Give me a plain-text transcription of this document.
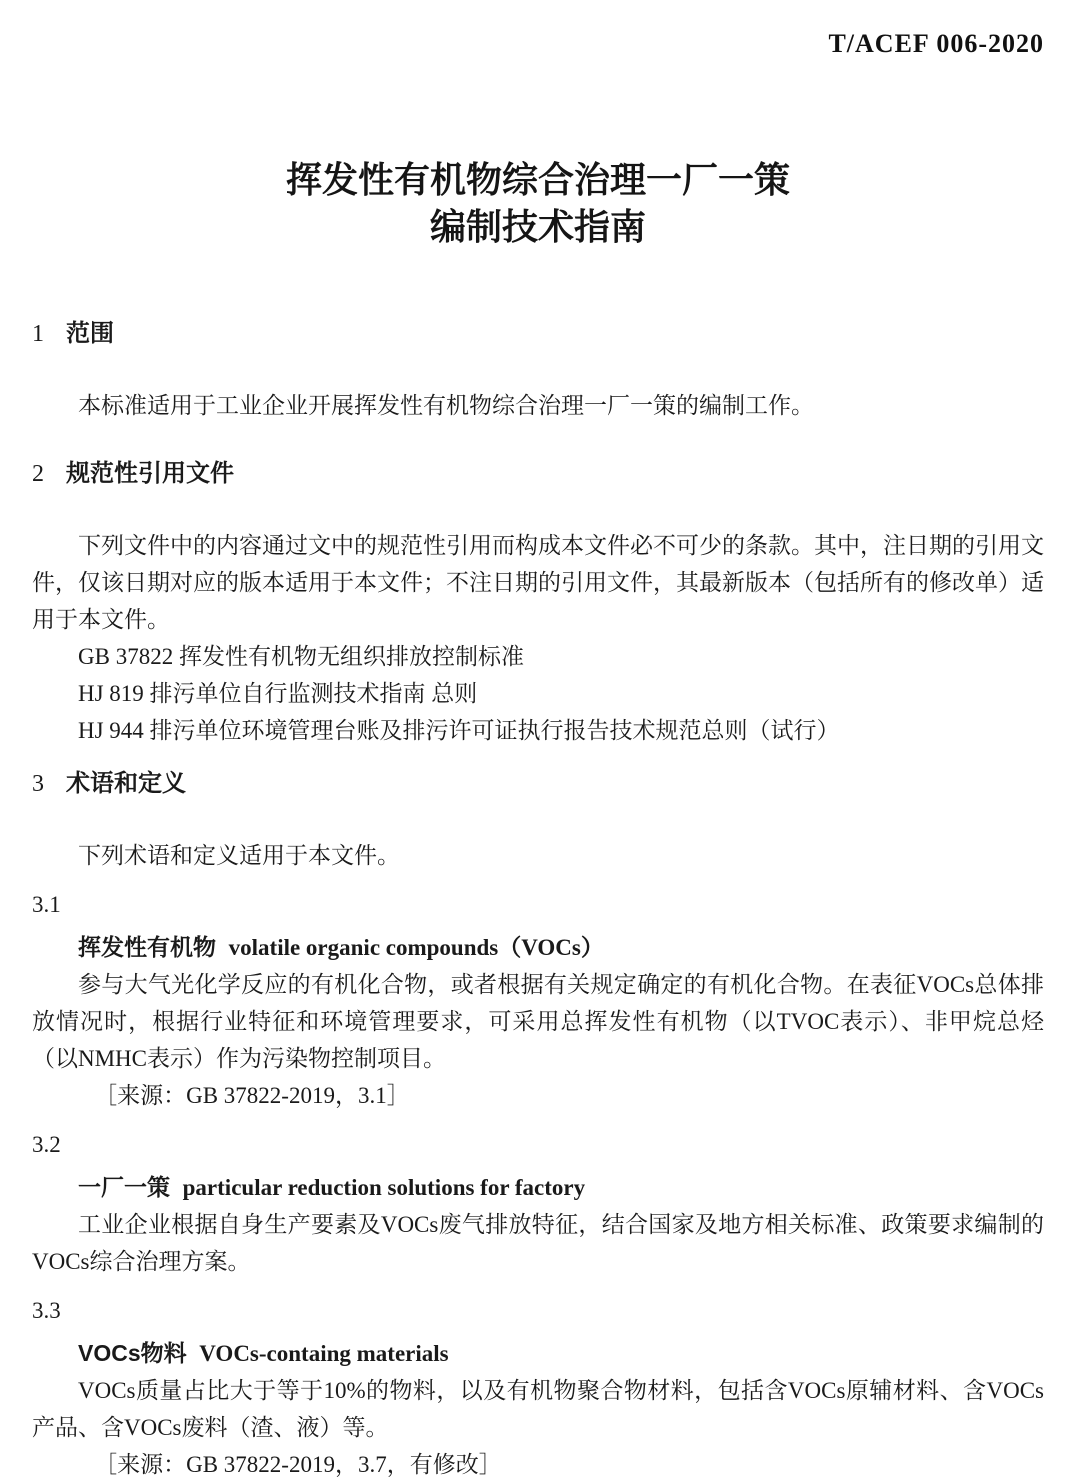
T/ACEF 006-2020
挥发性有机物综合治理一厂一策
编制技术指南
1 范围

本标准适用于工业企业开展挥发性有机物综合治理一厂一策的编制工作。

2 规范性引用文件

下列文件中的内容通过文中的规范性引用而构成本文件必不可少的条款。其中，注日期的引用文件，仅该日期对应的版本适用于本文件；不注日期的引用文件，其最新版本（包括所有的修改单）适用于本文件。

GB 37822 挥发性有机物无组织排放控制标准

HJ 819 排污单位自行监测技术指南 总则

HJ 944 排污单位环境管理台账及排污许可证执行报告技术规范总则（试行）

3 术语和定义

下列术语和定义适用于本文件。

3.1

挥发性有机物 volatile organic compounds（VOCs）

参与大气光化学反应的有机化合物，或者根据有关规定确定的有机化合物。在表征VOCs总体排放情况时，根据行业特征和环境管理要求，可采用总挥发性有机物（以TVOC表示）、非甲烷总烃（以NMHC表示）作为污染物控制项目。

［来源：GB 37822-2019，3.1］

3.2

一厂一策 particular reduction solutions for factory

工业企业根据自身生产要素及VOCs废气排放特征，结合国家及地方相关标准、政策要求编制的VOCs综合治理方案。

3.3

VOCs物料 VOCs-containg materials

VOCs质量占比大于等于10%的物料，以及有机物聚合物材料，包括含VOCs原辅材料、含VOCs产品、含VOCs废料（渣、液）等。

［来源：GB 37822-2019，3.7，有修改］
